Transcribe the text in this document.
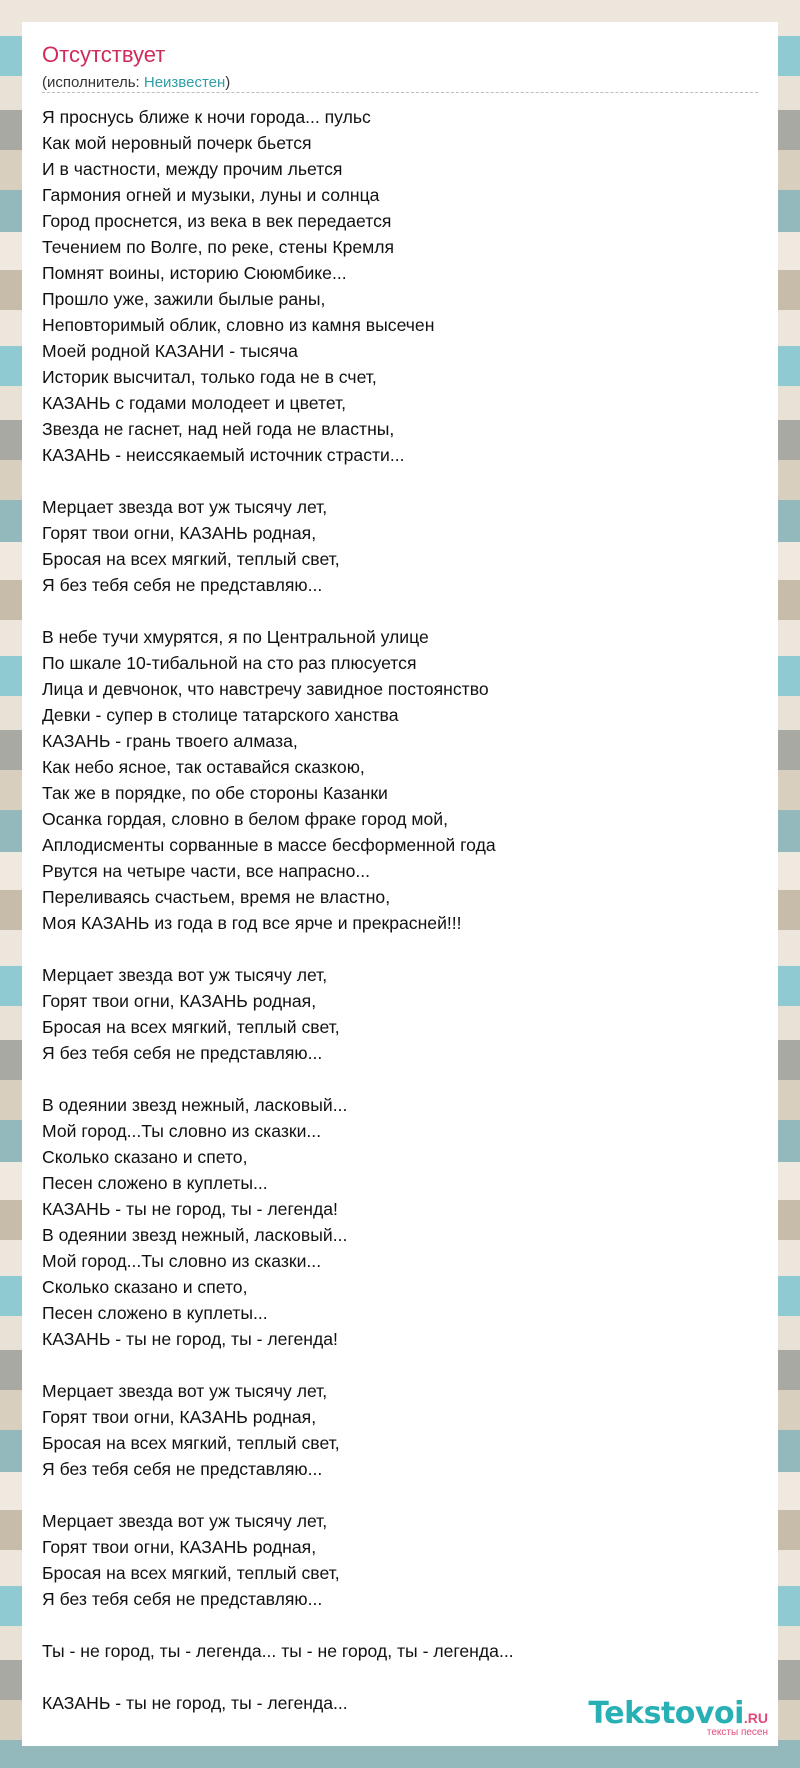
Отсутствует
(исполнитель: Неизвестен)
Я проснусь ближе к ночи города... пульс
Как мой неровный почерк бьется
И в частности, между прочим льется
Гармония огней и музыки, луны и солнца
Город проснется, из века в век передается
Течением по Волге, по реке, стены Кремля
Помнят воины, историю Сююмбике...
Прошло уже, зажили былые раны,
Неповторимый облик, словно из камня высечен
Моей родной КАЗАНИ - тысяча
Историк высчитал, только года не в счет,
КАЗАНЬ с годами молодеет и цветет,
Звезда не гаснет, над ней года не властны,
КАЗАНЬ - неиссякаемый источник страсти...
Мерцает звезда вот уж тысячу лет,
Горят твои огни, КАЗАНЬ родная,
Бросая на всех мягкий, теплый свет,
Я без тебя себя не представляю...
В небе тучи хмурятся, я по Центральной улице
По шкале 10-тибальной на сто раз плюсуется
Лица и девчонок, что навстречу завидное постоянство
Девки - супер в столице татарского ханства
КАЗАНЬ - грань твоего алмаза,
Как небо ясное, так оставайся сказкою,
Так же в порядке, по обе стороны Казанки
Осанка гордая, словно в белом фраке город мой,
Аплодисменты сорванные в массе бесформенной года
Рвутся на четыре части, все напрасно...
Переливаясь счастьем, время не властно,
Моя КАЗАНЬ из года в год все ярче и прекрасней!!!
Мерцает звезда вот уж тысячу лет,
Горят твои огни, КАЗАНЬ родная,
Бросая на всех мягкий, теплый свет,
Я без тебя себя не представляю...
В одеянии звезд нежный, ласковый...
Мой город...Ты словно из сказки...
Сколько сказано и спето,
Песен сложено в куплеты...
КАЗАНЬ - ты не город, ты - легенда!
В одеянии звезд нежный, ласковый...
Мой город...Ты словно из сказки...
Сколько сказано и спето,
Песен сложено в куплеты...
КАЗАНЬ - ты не город, ты - легенда!
Мерцает звезда вот уж тысячу лет,
Горят твои огни, КАЗАНЬ родная,
Бросая на всех мягкий, теплый свет,
Я без тебя себя не представляю...
Мерцает звезда вот уж тысячу лет,
Горят твои огни, КАЗАНЬ родная,
Бросая на всех мягкий, теплый свет,
Я без тебя себя не представляю...
Ты - не город, ты - легенда... ты - не город, ты - легенда...
КАЗАНЬ - ты не город, ты - легенда...	Tekstovoi.RU
тексты песен
